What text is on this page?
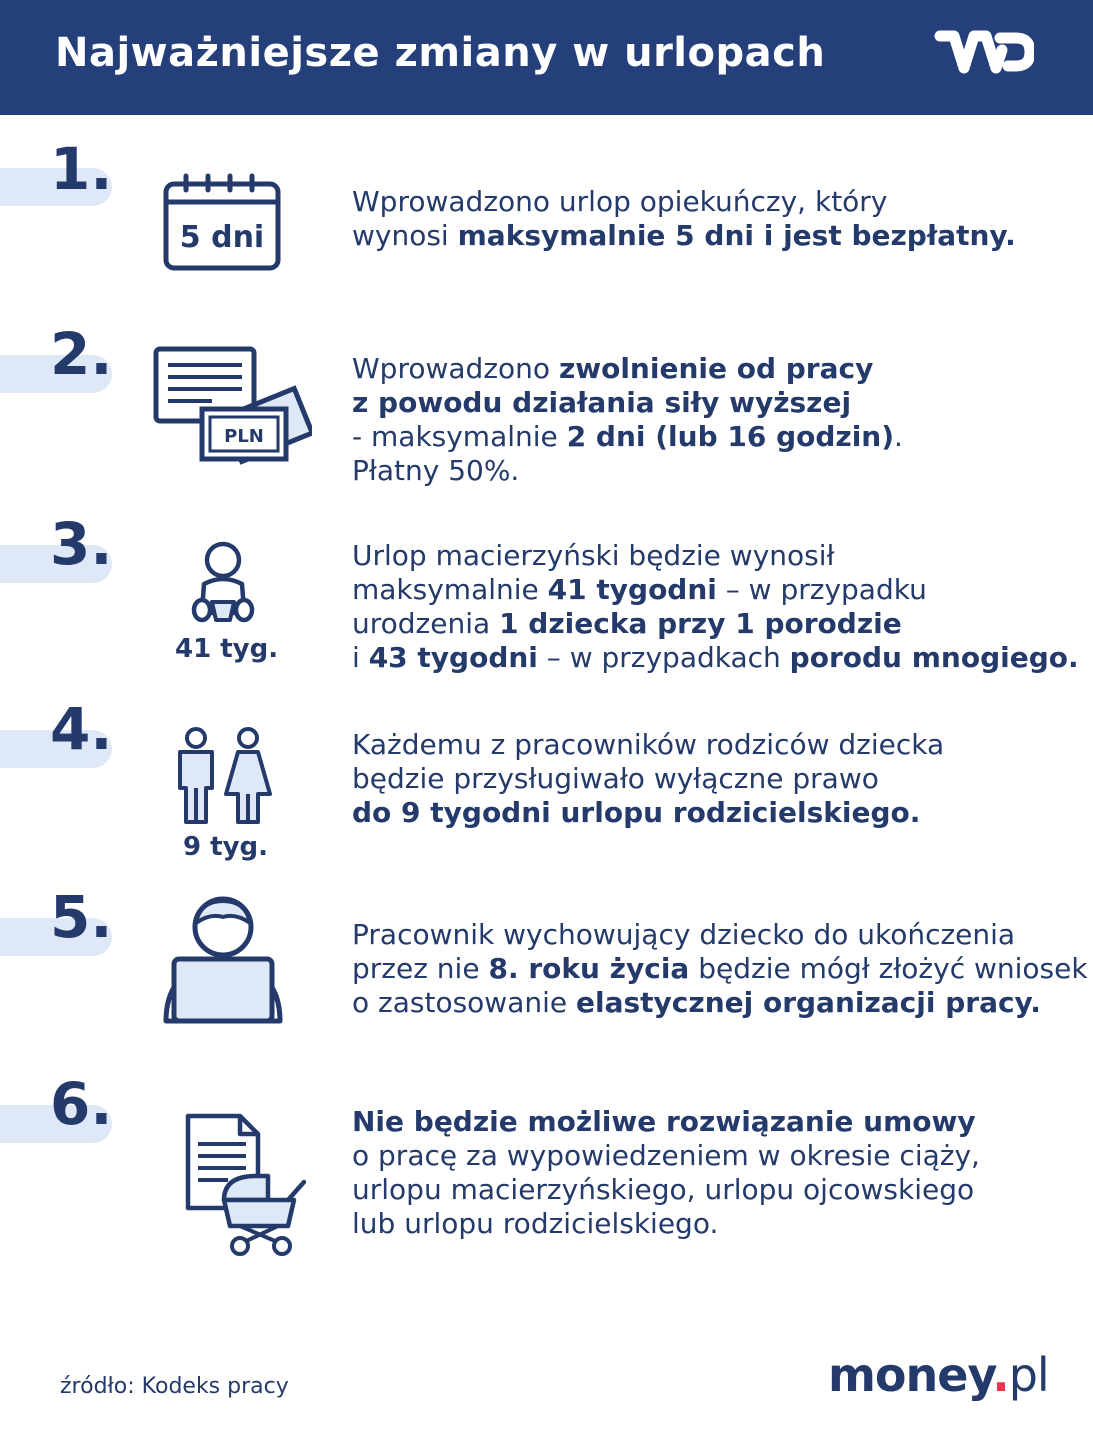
Najważniejsze zmiany w urlopach
1.
5 dni
Wprowadzono urlop opiekuńczy, który
wynosi maksymalnie 5 dni i jest bezpłatny.
2.
PLN
Wprowadzono zwolnienie od pracy
z powodu działania siły wyższej
- maksymalnie 2 dni (lub 16 godzin).
Płatny 50%.
3.
41 tyg.
Urlop macierzyński będzie wynosił
maksymalnie 41 tygodni – w przypadku
urodzenia 1 dziecka przy 1 porodzie
i 43 tygodni – w przypadkach porodu mnogiego.
4.
9 tyg.
Każdemu z pracowników rodziców dziecka
będzie przysługiwało wyłączne prawo
do 9 tygodni urlopu rodzicielskiego.
5.	Pracownik wychowujący dziecko do ukończenia
przez nie 8. roku życia będzie mógł złożyć wniosek
o zastosowanie elastycznej organizacji pracy.
6.	Nie będzie możliwe rozwiązanie umowy
o pracę za wypowiedzeniem w okresie ciąży,
urlopu macierzyńskiego, urlopu ojcowskiego
lub urlopu rodzicielskiego.
źródło: Kodeks pracy	money.pl
